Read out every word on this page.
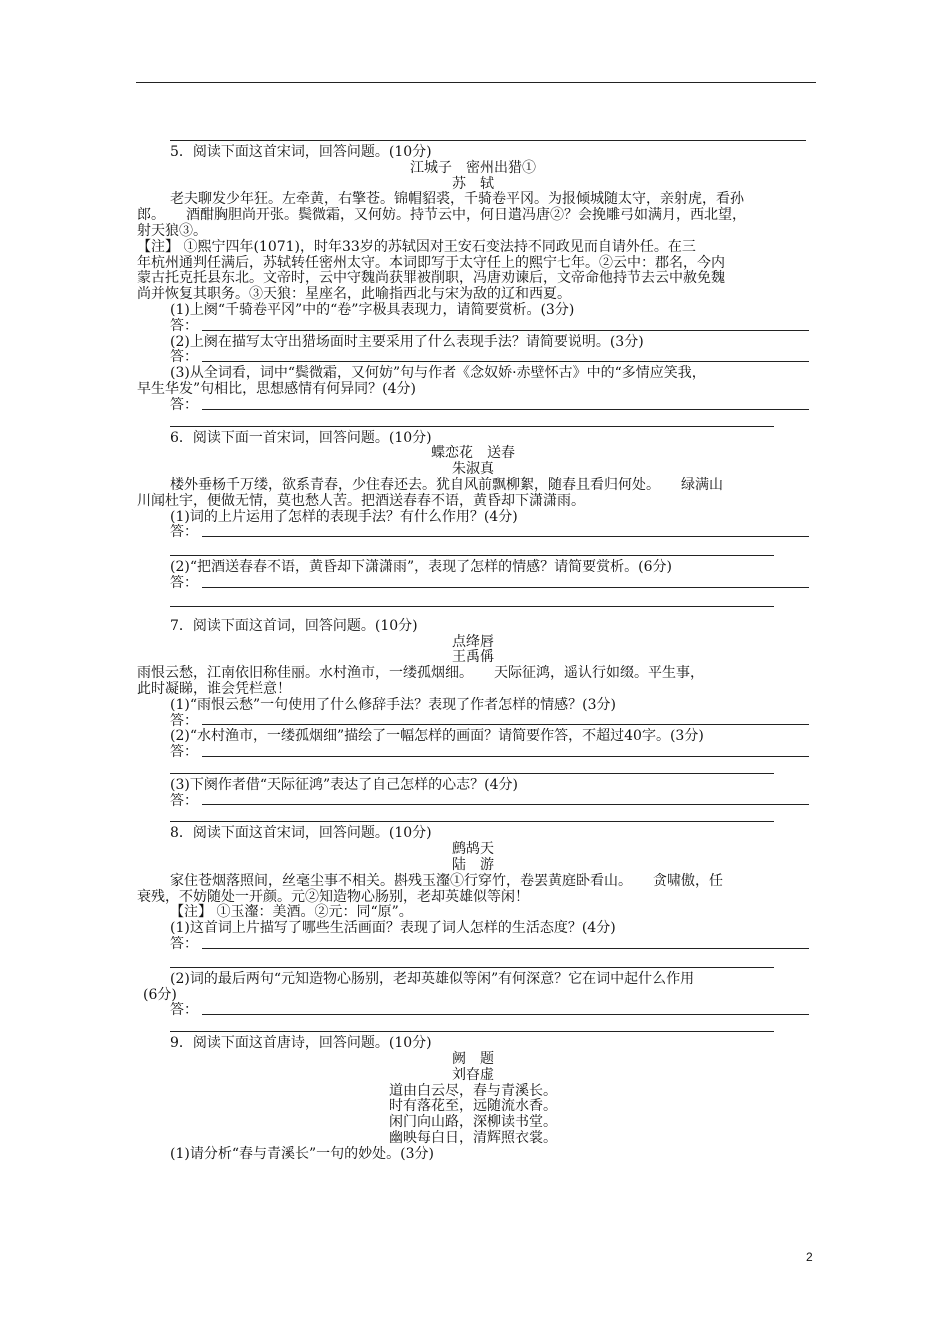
5．阅读下面这首宋词，回答问题。(10分)
江城子　密州出猎①
苏　轼
老夫聊发少年狂。左牵黄，右擎苍。锦帽貂裘，千骑卷平冈。为报倾城随太守，亲射虎，看孙
郎。　　酒酣胸胆尚开张。鬓微霜，又何妨。持节云中，何日遣冯唐②？会挽雕弓如满月，西北望，
射天狼③。
【注】 ①熙宁四年(1071)，时年33岁的苏轼因对王安石变法持不同政见而自请外任。在三
年杭州通判任满后，苏轼转任密州太守。本词即写于太守任上的熙宁七年。②云中：郡名，今内
蒙古托克托县东北。文帝时，云中守魏尚获罪被削职，冯唐劝谏后，文帝命他持节去云中赦免魏
尚并恢复其职务。③天狼：星座名，此喻指西北与宋为敌的辽和西夏。
(1)上阕“千骑卷平冈”中的“卷”字极具表现力，请简要赏析。(3分)
答：
(2)上阕在描写太守出猎场面时主要采用了什么表现手法？请简要说明。(3分)
答：
(3)从全词看，词中“鬓微霜，又何妨”句与作者《念奴娇·赤壁怀古》中的“多情应笑我，
早生华发”句相比，思想感情有何异同？(4分)
答：
6．阅读下面一首宋词，回答问题。(10分)
蝶恋花　送春
朱淑真
楼外垂杨千万缕，欲系青春，少住春还去。犹自风前飘柳絮，随春且看归何处。　　绿满山
川闻杜宇，便做无情，莫也愁人苦。把酒送春春不语，黄昏却下潇潇雨。
(1)词的上片运用了怎样的表现手法？有什么作用？(4分)
答：
(2)“把酒送春春不语，黄昏却下潇潇雨”，表现了怎样的情感？请简要赏析。(6分)
答：
7．阅读下面这首词，回答问题。(10分)
点绛唇
王禹偁
雨恨云愁，江南依旧称佳丽。水村渔市，一缕孤烟细。　　天际征鸿，遥认行如缀。平生事，
此时凝睇，谁会凭栏意！
(1)“雨恨云愁”一句使用了什么修辞手法？表现了作者怎样的情感？(3分)
答：
(2)“水村渔市，一缕孤烟细”描绘了一幅怎样的画面？请简要作答，不超过40字。(3分)
答：
(3)下阕作者借“天际征鸿”表达了自己怎样的心志？(4分)
答：
8．阅读下面这首宋词，回答问题。(10分)
鹧鸪天
陆　游
家住苍烟落照间，丝毫尘事不相关。斟残玉瀣①行穿竹，卷罢黄庭卧看山。　　贪啸傲，任
衰残，不妨随处一开颜。元②知造物心肠别，老却英雄似等闲！
【注】 ①玉瀣：美酒。②元：同“原”。
(1)这首词上片描写了哪些生活画面？表现了词人怎样的生活态度？(4分)
答：
(2)词的最后两句“元知造物心肠别，老却英雄似等闲”有何深意？它在词中起什么作用
(6分)
答：
9．阅读下面这首唐诗，回答问题。(10分)
阙　题
刘昚虚
道由白云尽，春与青溪长。
时有落花至，远随流水香。
闲门向山路，深柳读书堂。
幽映每白日，清辉照衣裳。
(1)请分析“春与青溪长”一句的妙处。(3分)
2
